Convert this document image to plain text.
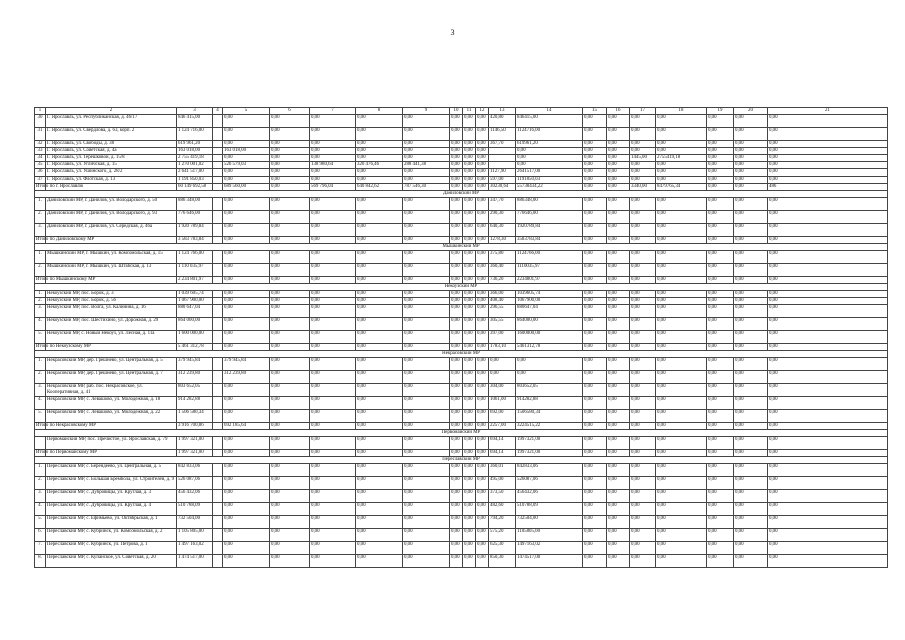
3
1	2	3	4	5	6	7	8	9	10	11	12	13	14	15	16	17	18	19	20	21	
30	Г. Ярославль, ул. Республиканская, д. 46/17	846 415,00		0,00	0,00	0,00	0,00	0,00	0,00	0,00	0,00	420,80	846415,00	0,00	0,00	0,00	0,00	0,00	0,00	0,00	
31	Г. Ярославль, ул. Свердлова, д. 63, корп. 2	1 124 716,00		0,00	0,00	0,00	0,00	0,00	0,00	0,00	0,00	1146,50	1124716,00	0,00	0,00	0,00	0,00	0,00	0,00	0,00	
32	Г. Ярославль, ул. Свободы, д. 38	619 961,20		0,00	0,00	0,00	0,00	0,00	0,00	0,00	0,00	367,70	619961,20	0,00	0,00	0,00	0,00	0,00	0,00	0,00	
33	Г. Ярославль, ул. Советская, д. 4а	163 018,00		163 018,00	0,00	0,00	0,00	0,00	0,00	0,00	0,00		0,00	0,00	0,00	0,00	0,00	0,00	0,00	0,00	
34	Г. Ярославль, ул. Терешковой, д. 15/8	2 755 419,18		0,00	0,00	0,00	0,00	0,00	0,00	0,00	0,00		0,00	0,00	0,00	1445,00	2755419,18	0,00	0,00	0,00	
35	Г. Ярославль, ул. Угличская, д. 15	1 270 001,02		526 579,03	0,00	138 980,64	320 476,46	288 441,38	0,00	0,00	0,00		0,00	0,00	0,00	0,00	0,00	0,00	0,00	0,00	
36	Г. Ярославль, ул. Ушинского, д. 28/2	2 641 517,00		0,00	0,00	0,00	0,00	0,00	0,00	0,00	0,00	1127,90	2641517,00	0,00	0,00	0,00	0,00	0,00	0,00	0,00	
37	Г. Ярославль, ул. Флотская, д. 13	1 191 850,03		0,00	0,00	0,00	0,00	0,00	0,00	0,00	0,00	597,00	1191850,03	0,00	0,00	0,00	0,00	0,00	0,00	0,00	
Итого по г. Ярославлю		60 149 692,58		689 560,00	0,00	569 796,04	640 842,62	787 546,30	0,00	0,00	0,00	30230,64	55738434,22	0,00	0,00	3340,00	8479765,34	0,00	0,00	486	
Даниловский МР																					
1.	Даниловский МР, г. Данилов, ул. Володарского, д. 50	886 348,00		0,00	0,00	0,00	0,00	0,00	0,00	0,00	0,00	347,70	886348,00	0,00	0,00	0,00	0,00	0,00	0,00	0,00	
2.	Даниловский МР, г. Данилов, ул. Володарского, д. 93	776 646,00		0,00	0,00	0,00	0,00	0,00	0,00	0,00	0,00	290,30	776646,00	0,00	0,00	0,00	0,00	0,00	0,00	0,00	
3.	Даниловский МР, г. Данилов, ул. Середская, д. 46а	1 920 789,84		0,00	0,00	0,00	0,00	0,00	0,00	0,00	0,00	640,30	1920789,84	0,00	0,00	0,00	0,00	0,00	0,00	0,00	
Итого по Даниловскому МР		3 583 783,84		0,00	0,00	0,00	0,00	0,00	0,00	0,00	0,00	1278,30	3583783,84	0,00	0,00	0,00	0,00	0,00	0,00	0,00	
Мышкинский МР																					
1.	Мышкинский МР, г. Мышкин, ул. Комсомольская, д. 15	1 124 766,00		0,00	0,00	0,00	0,00	0,00	0,00	0,00	0,00	375,80	1124766,00	0,00	0,00	0,00	0,00	0,00	0,00	0,00	
2.	Мышкинский МР, г. Мышкин, ул. Штабская, д. 13	1 110 035,97		0,00	0,00	0,00	0,00	0,00	0,00	0,00	0,00	360,40	1110035,97	0,00	0,00	0,00	0,00	0,00	0,00	0,00	
Итого по Мышкинскому МР		2 234 801,97		0,00	0,00	0,00	0,00	0,00	0,00	0,00	0,00	736,20	2234801,97	0,00	0,00	0,00	0,00	0,00	0,00	0,00	
Некоузский МР																					
1.	Некоузский МР, пос. Борок, д. 3	1 039 605,74		0,00	0,00	0,00	0,00	0,00	0,00	0,00	0,00	366,00	1039605,74	0,00	0,00	0,00	0,00	0,00	0,00	0,00	
2.	Некоузский МР, пос. Борок, д. 56	1 067 900,00		0,00	0,00	0,00	0,00	0,00	0,00	0,00	0,00	408,40	1067900,00	0,00	0,00	0,00	0,00	0,00	0,00	0,00	
3.	Некоузский МР, пос. Волга, ул. Калинина, д. 16	880 647,04		0,00	0,00	0,00	0,00	0,00	0,00	0,00	0,00	296,55	880647,04	0,00	0,00	0,00	0,00	0,00	0,00	0,00	
4.	Некоузский МР, пос. Шестихино, ул. Дорожная, д. 29	864 000,00		0,00	0,00	0,00	0,00	0,00	0,00	0,00	0,00	305,55	864000,00	0,00	0,00	0,00	0,00	0,00	0,00	0,00	
5.	Некоузский МР, с. Новый Некоуз, ул. Лесная, д. 11а	1 600 000,00		0,00	0,00	0,00	0,00	0,00	0,00	0,00	0,00	397,00	1600000,00	0,00	0,00	0,00	0,00	0,00	0,00	0,00	
Итого по Некоузскому МР		5 461 312,78		0,00	0,00	0,00	0,00	0,00	0,00	0,00	0,00	1783,10	5461312,78	0,00	0,00	0,00	0,00	0,00	0,00	0,00	
Некрасовский МР																					
1.	Некрасовский МР, дер. Грешнево, ул. Центральная, д. 5	379 945,84		379 945,84	0,00	0,00	0,00	0,00	0,00	0,00	0,00	0,00	0,00	0,00	0,00	0,00	0,00	0,00	0,00	0,00	
2.	Некрасовский МР, дер. Грешнево, ул. Центральная, д. 7	312 239,80		312 239,80	0,00	0,00	0,00	0,00	0,00	0,00	0,00	0,00	0,00	0,00	0,00	0,00	0,00	0,00	0,00	0,00	
3.	Некрасовский МР, раб. пос. Некрасовское, ул. Кооперативная, д. 41	803 652,05		0,00	0,00	0,00	0,00	0,00	0,00	0,00	0,00	304,00	803652,05	0,00	0,00	0,00	0,00	0,00	0,00	0,00	
4.	Некрасовский МР, с. Левашово, ул. Молодежная, д. 18	914 282,88		0,00	0,00	0,00	0,00	0,00	0,00	0,00	0,00	1061,00	914282,88	0,00	0,00	0,00	0,00	0,00	0,00	0,00	
5.	Некрасовский МР, с. Левашово, ул. Молодежная, д. 22	1 506 580,34		0,00	0,00	0,00	0,00	0,00	0,00	0,00	0,00	692,00	1506580,34	0,00	0,00	0,00	0,00	0,00	0,00	0,00	
Итого по Некрасовскому МР		3 916 700,86		692 185,64	0,00	0,00	0,00	0,00	0,00	0,00	0,00	2257,00	3224515,22	0,00	0,00	0,00	0,00	0,00	0,00	0,00	
Первомайский МР																					
	Первомайский МР, пос. Пречистое, ул. Ярославская, д. 79	1 997 321,00		0,00	0,00	0,00	0,00	0,00	0,00	0,00	0,00	694,14	1997321,00	0,00	0,00	0,00	0,00	0,00	0,00	0,00	
Итого по Первомайскому МР		1 997 321,00		0,00	0,00	0,00	0,00	0,00	0,00	0,00	0,00	694,14	1997321,00	0,00	0,00	0,00	0,00	0,00	0,00	0,00	
Переславский МР																					
1.	Переславский МР, с. Берендеево, ул. Центральная, д. 5	842 833,06		0,00	0,00	0,00	0,00	0,00	0,00	0,00	0,00	360,01	842833,06	0,00	0,00	0,00	0,00	0,00	0,00	0,00	
2.	Переславский МР, с. Большая Брембола, ул. Строителей, д. 9	526 087,06		0,00	0,00	0,00	0,00	0,00	0,00	0,00	0,00	495,00	526087,06	0,00	0,00	0,00	0,00	0,00	0,00	0,00	
3.	Переславский МР, с. Дубровицы, ул. Круглая, д. 3	456 432,06		0,00	0,00	0,00	0,00	0,00	0,00	0,00	0,00	373,50	456432,06	0,00	0,00	0,00	0,00	0,00	0,00	0,00	
4.	Переславский МР, с. Дубровицы, ул. Круглая, д. 4	510 788,09		0,00	0,00	0,00	0,00	0,00	0,00	0,00	0,00	482,60	510788,09	0,00	0,00	0,00	0,00	0,00	0,00	0,00	
5.	Переславский МР, с. Ефимьево, ул. Октябрьская, д. 1	732 504,00		0,00	0,00	0,00	0,00	0,00	0,00	0,00	0,00	794,20	732504,00	0,00	0,00	0,00	0,00	0,00	0,00	0,00	
6.	Переславский МР, с. Кубринск, ул. Комсомольская, д. 2	1 105 805,00		0,00	0,00	0,00	0,00	0,00	0,00	0,00	0,00	575,20	1105805,00	0,00	0,00	0,00	0,00	0,00	0,00	0,00	
7.	Переславский МР, с. Кубринск, ул. Петрова, д. 1	1 497 163,02		0,00	0,00	0,00	0,00	0,00	0,00	0,00	0,00	625,30	1497163,02	0,00	0,00	0,00	0,00	0,00	0,00	0,00	
8.	Переславский МР, с. Купанское, ул. Советская, д. 20	1 474 517,00		0,00	0,00	0,00	0,00	0,00	0,00	0,00	0,00	850,30	1474517,00	0,00	0,00	0,00	0,00	0,00	0,00	0,00	
